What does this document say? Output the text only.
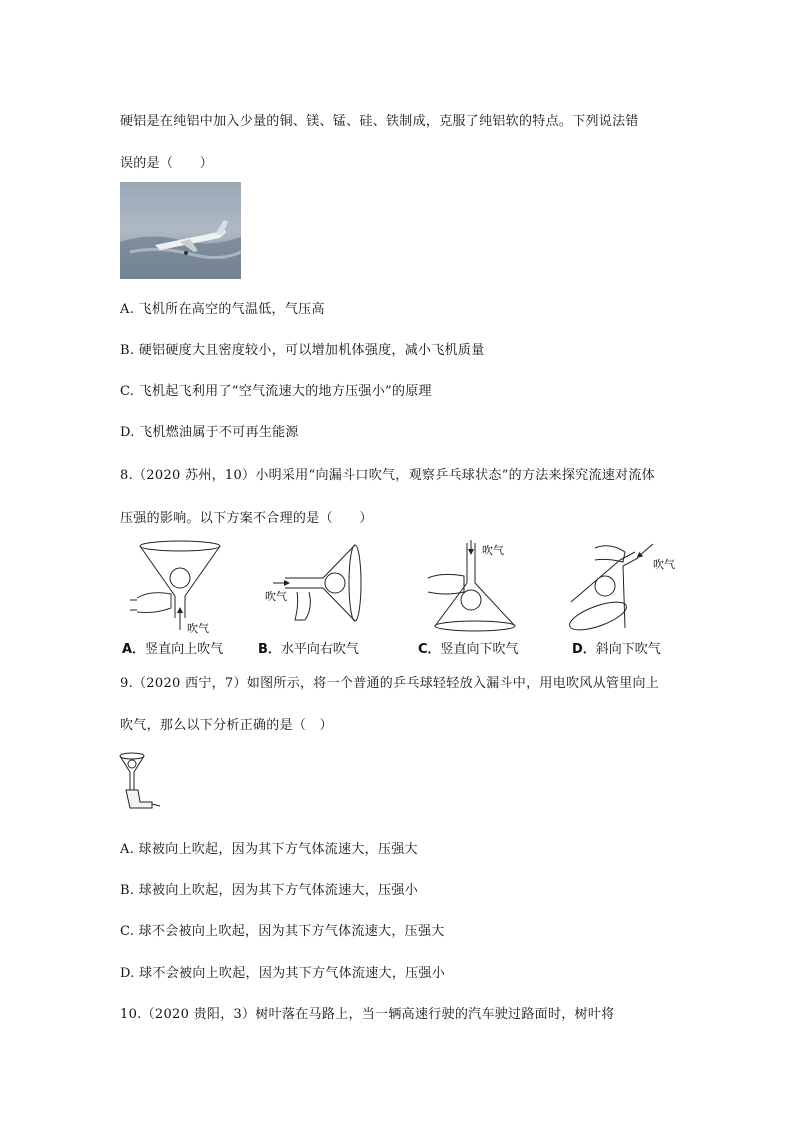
硬铝是在纯铝中加入少量的铜、镁、锰、硅、铁制成，克服了纯铝软的特点。下列说法错
误的是（　　）
A. 飞机所在高空的气温低，气压高
B. 硬铝硬度大且密度较小，可以增加机体强度，减小飞机质量
C. 飞机起飞利用了“空气流速大的地方压强小”的原理
D. 飞机燃油属于不可再生能源
8.（2020 苏州，10）小明采用“向漏斗口吹气，观察乒乓球状态”的方法来探究流速对流体
压强的影响。以下方案不合理的是（　　）
吹气
吹气
吹气
吹气
A．竖直向上吹气	B．水平向右吹气	C．竖直向下吹气	D．斜向下吹气
9.（2020 西宁，7）如图所示，将一个普通的乒乓球轻轻放入漏斗中，用电吹风从管里向上
吹气，那么以下分析正确的是（　）
A. 球被向上吹起，因为其下方气体流速大，压强大
B. 球被向上吹起，因为其下方气体流速大，压强小
C. 球不会被向上吹起，因为其下方气体流速大，压强大
D. 球不会被向上吹起，因为其下方气体流速大，压强小
10.（2020 贵阳，3）树叶落在马路上，当一辆高速行驶的汽车驶过路面时，树叶将
